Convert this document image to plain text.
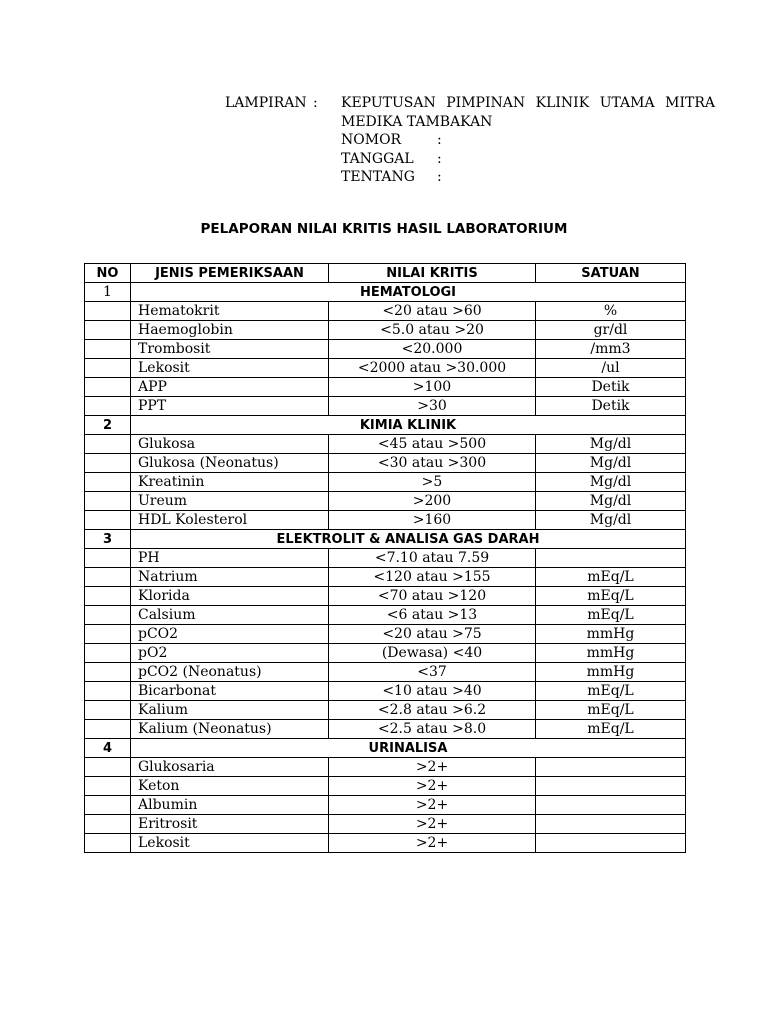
LAMPIRAN :	KEPUTUSAN PIMPINAN KLINIK UTAMA MITRA
MEDIKA TAMBAKAN
NOMOR	:
TANGGAL	:
TENTANG	:
PELAPORAN NILAI KRITIS HASIL LABORATORIUM
NO	JENIS PEMERIKSAAN	NILAI KRITIS	SATUAN
1	HEMATOLOGI		
	Hematokrit	<20 atau >60	%
	Haemoglobin	<5.0 atau >20	gr/dl
	Trombosit	<20.000	/mm3
	Lekosit	<2000 atau >30.000	/ul
	APP	>100	Detik
	PPT	>30	Detik
2	KIMIA KLINIK		
	Glukosa	<45 atau >500	Mg/dl
	Glukosa (Neonatus)	<30 atau >300	Mg/dl
	Kreatinin	>5	Mg/dl
	Ureum	>200	Mg/dl
	HDL Kolesterol	>160	Mg/dl
3	ELEKTROLIT & ANALISA GAS DARAH		
	PH	<7.10 atau 7.59	
	Natrium	<120 atau >155	mEq/L
	Klorida	<70 atau >120	mEq/L
	Calsium	<6 atau >13	mEq/L
	pCO2	<20 atau >75	mmHg
	pO2	(Dewasa) <40	mmHg
	pCO2 (Neonatus)	<37	mmHg
	Bicarbonat	<10 atau >40	mEq/L
	Kalium	<2.8 atau >6.2	mEq/L
	Kalium (Neonatus)	<2.5 atau >8.0	mEq/L
4	URINALISA		
	Glukosaria	>2+	
	Keton	>2+	
	Albumin	>2+	
	Eritrosit	>2+	
	Lekosit	>2+	
